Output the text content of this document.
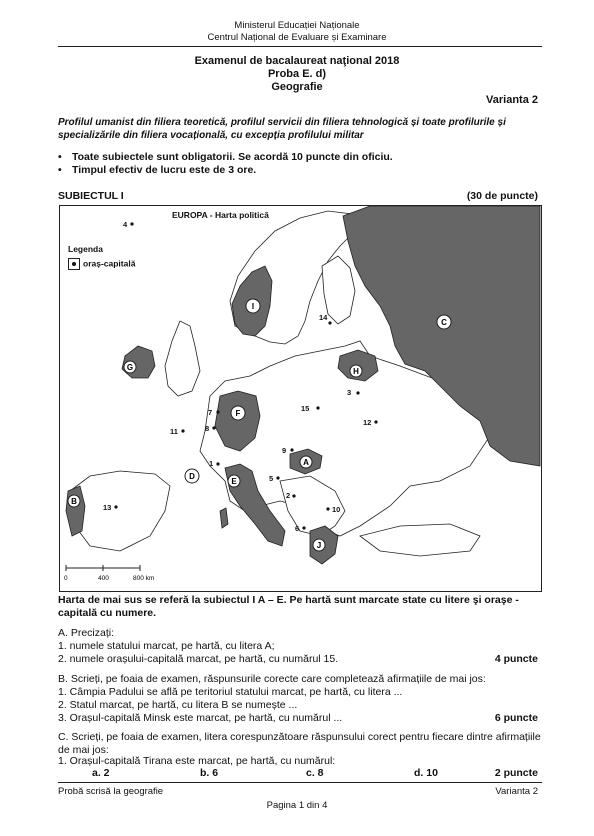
Ministerul Educației Naționale
Centrul Național de Evaluare și Examinare
Examenul de bacalaureat naţional 2018
Proba E. d)
Geografie
Varianta 2
Profilul umanist din filiera teoretică, profilul servicii din filiera tehnologică și toate profilurile și specializările din filiera vocațională, cu excepția profilului militar
• Toate subiectele sunt obligatorii. Se acordă 10 puncte din oficiu.
• Timpul efectiv de lucru este de 3 ore.
SUBIECTUL I	(30 de puncte)
A
B
C
D
E
F
G	H
I
J
1
2
3
4
5
6
7
8
9
10
11
12
13
14
15
0	400	800 km
EUROPA - Harta politică
Legenda
oraș-capitală
Harta de mai sus se referă la subiectul I A – E. Pe hartă sunt marcate state cu litere şi oraşe - capitală cu numere.
A. Precizați:
1. numele statului marcat, pe hartă, cu litera A;
2. numele orașului-capitală marcat, pe hartă, cu numărul 15.	4 puncte
B. Scrieți, pe foaia de examen, răspunsurile corecte care completează afirmațiile de mai jos:
1. Câmpia Padului se află pe teritoriul statului marcat, pe hartă, cu litera ...
2. Statul marcat, pe hartă, cu litera B se numește ...
3. Orașul-capitală Minsk este marcat, pe hartă, cu numărul ...	6 puncte
C. Scrieți, pe foaia de examen, litera corespunzătoare răspunsului corect pentru fiecare dintre afirmațiile de mai jos:
1. Orașul-capitală Tirana este marcat, pe hartă, cu numărul:
a. 2	b. 6	c. 8	d. 10	2 puncte
Probă scrisă la geografie	Varianta 2
Pagina 1 din 4
